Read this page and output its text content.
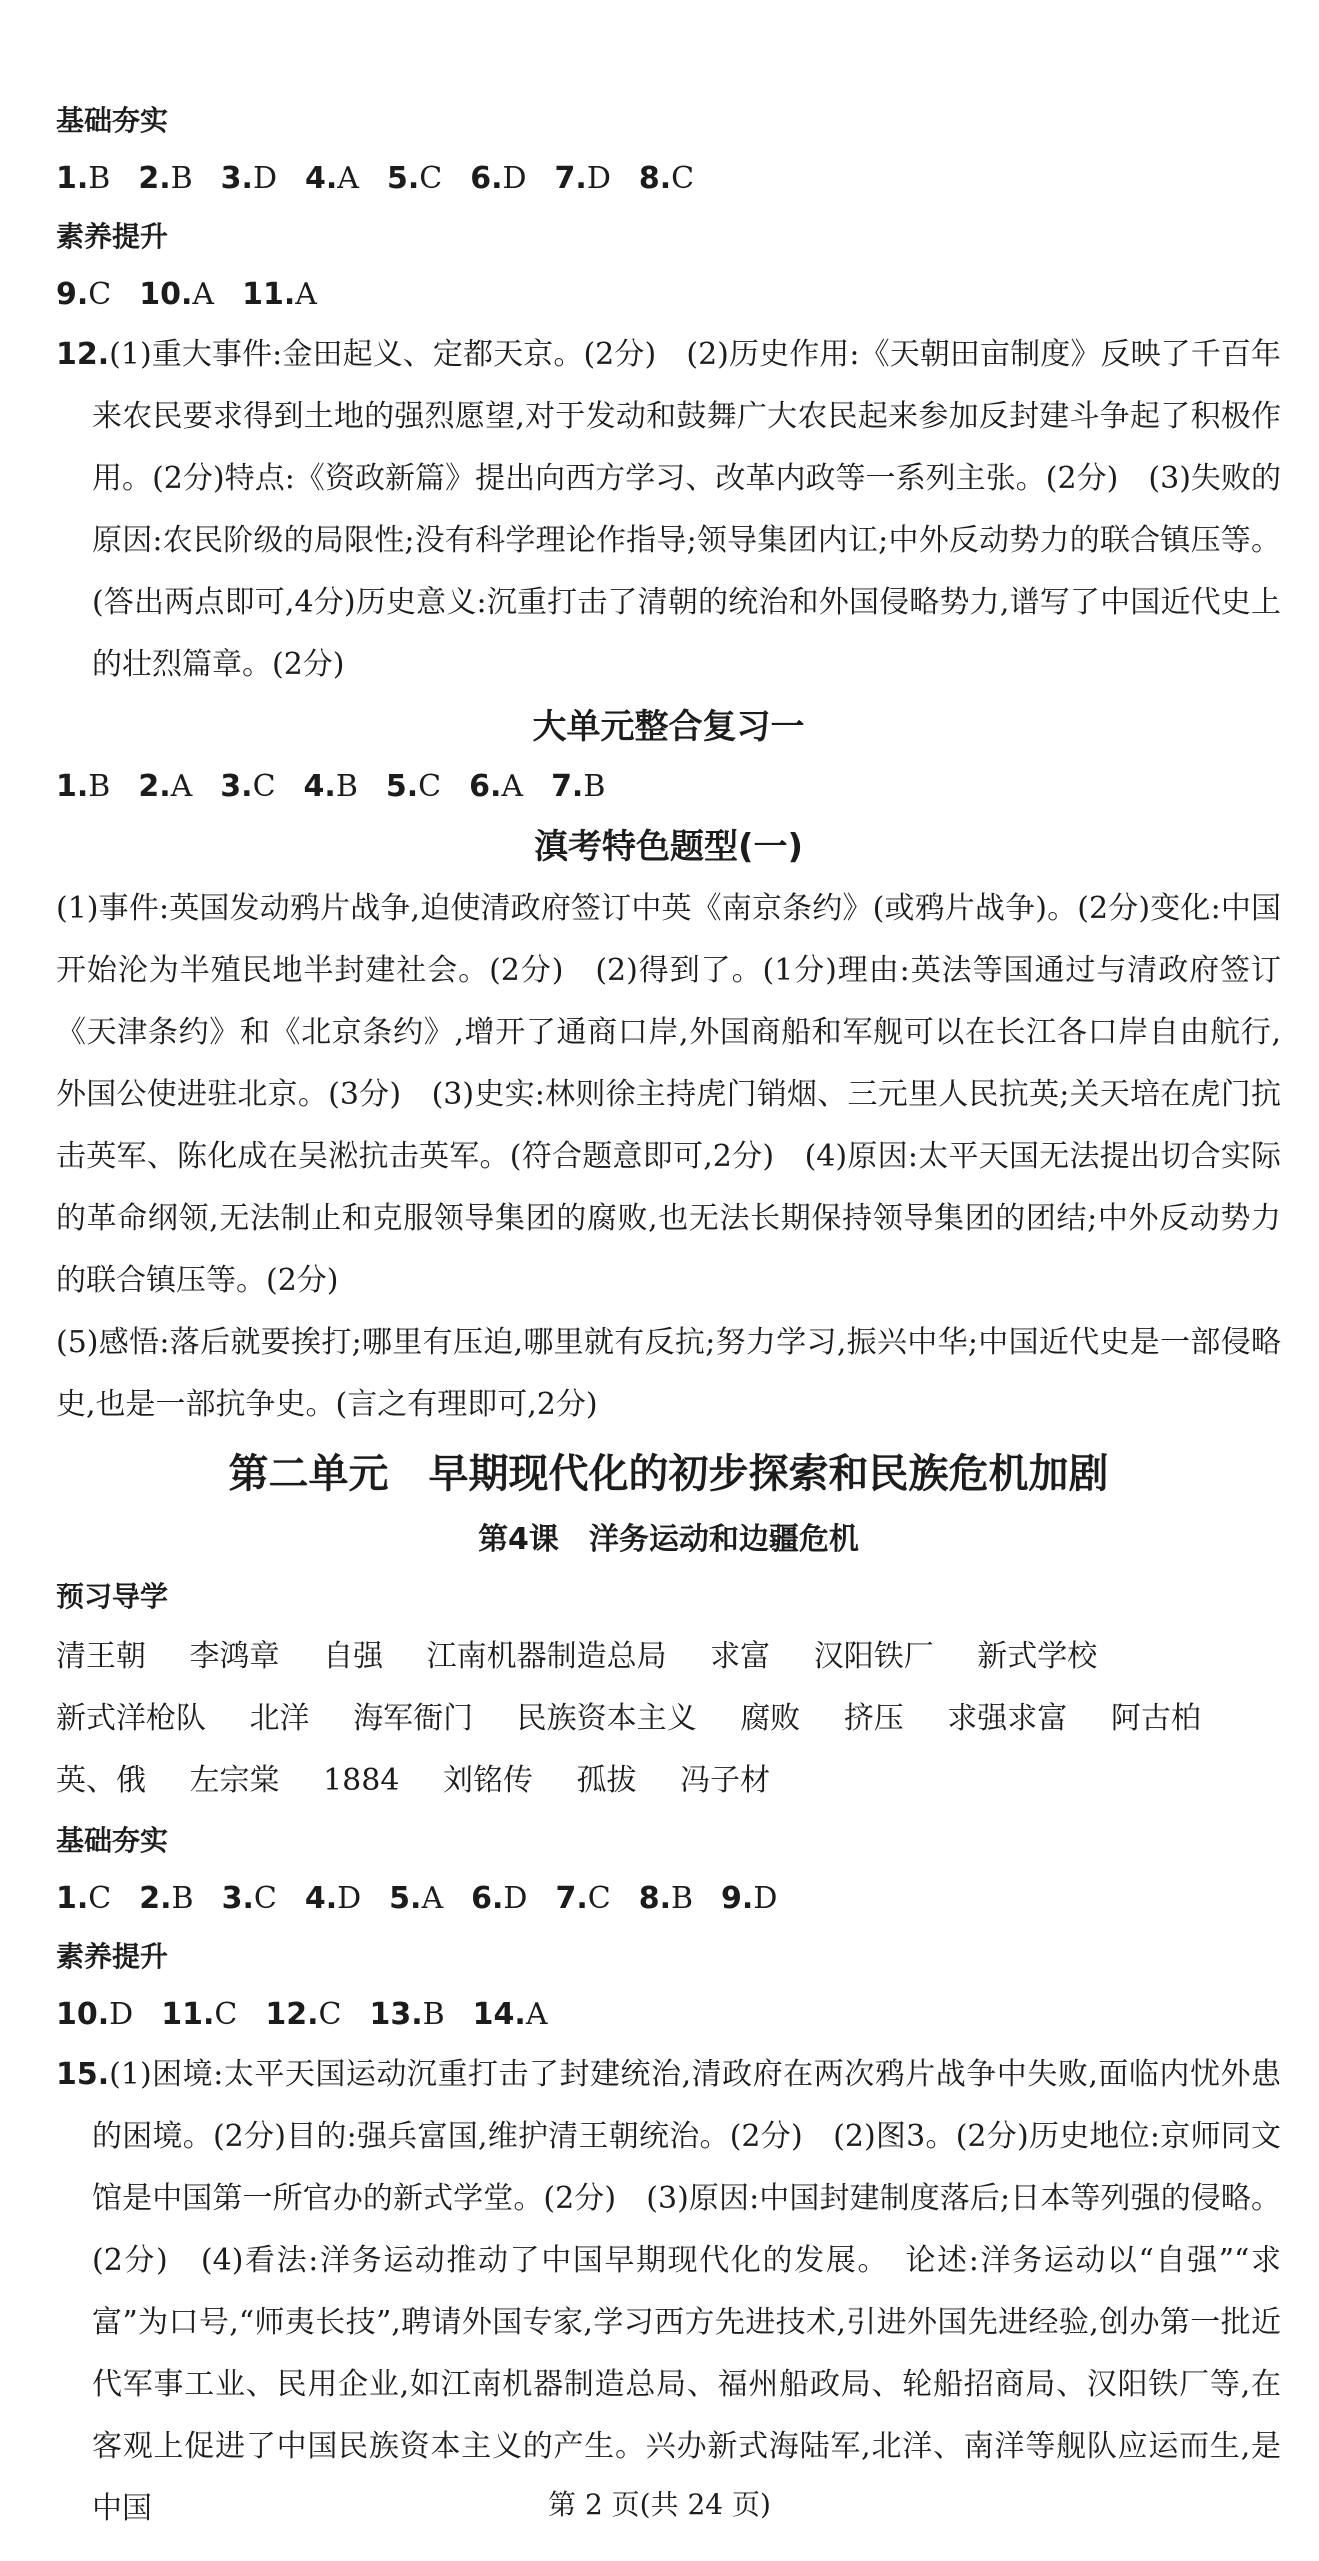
基础夯实
1.B 2.B 3.D 4.A 5.C 6.D 7.D 8.C
素养提升
9.C 10.A 11.A

12.(1)重大事件:金田起义、定都天京。(2分)　(2)历史作用:《天朝田亩制度》反映了千百年来农民要求得到土地的强烈愿望,对于发动和鼓舞广大农民起来参加反封建斗争起了积极作用。(2分)特点:《资政新篇》提出向西方学习、改革内政等一系列主张。(2分)　(3)失败的原因:农民阶级的局限性;没有科学理论作指导;领导集团内讧;中外反动势力的联合镇压等。(答出两点即可,4分)历史意义:沉重打击了清朝的统治和外国侵略势力,谱写了中国近代史上的壮烈篇章。(2分)

大单元整合复习一
1.B 2.A 3.C 4.B 5.C 6.A 7.B
滇考特色题型(一)

(1)事件:英国发动鸦片战争,迫使清政府签订中英《南京条约》(或鸦片战争)。(2分)变化:中国开始沦为半殖民地半封建社会。(2分)　(2)得到了。(1分)理由:英法等国通过与清政府签订《天津条约》和《北京条约》,增开了通商口岸,外国商船和军舰可以在长江各口岸自由航行,外国公使进驻北京。(3分)　(3)史实:林则徐主持虎门销烟、三元里人民抗英;关天培在虎门抗击英军、陈化成在吴淞抗击英军。(符合题意即可,2分)　(4)原因:太平天国无法提出切合实际的革命纲领,无法制止和克服领导集团的腐败,也无法长期保持领导集团的团结;中外反动势力的联合镇压等。(2分)

(5)感悟:落后就要挨打;哪里有压迫,哪里就有反抗;努力学习,振兴中华;中国近代史是一部侵略史,也是一部抗争史。(言之有理即可,2分)

第二单元　早期现代化的初步探索和民族危机加剧
第4课　洋务运动和边疆危机
预习导学

清王朝 李鸿章 自强 江南机器制造总局 求富 汉阳铁厂 新式学校 新式洋枪队 北洋 海军衙门 民族资本主义 腐败 挤压 求强求富 阿古柏 英、俄 左宗棠 1884 刘铭传 孤拔 冯子材

基础夯实
1.C 2.B 3.C 4.D 5.A 6.D 7.C 8.B 9.D
素养提升
10.D 11.C 12.C 13.B 14.A

15.(1)困境:太平天国运动沉重打击了封建统治,清政府在两次鸦片战争中失败,面临内忧外患的困境。(2分)目的:强兵富国,维护清王朝统治。(2分)　(2)图3。(2分)历史地位:京师同文馆是中国第一所官办的新式学堂。(2分)　(3)原因:中国封建制度落后;日本等列强的侵略。(2分)　(4)看法:洋务运动推动了中国早期现代化的发展。　论述:洋务运动以“自强”“求富”为口号,“师夷长技”,聘请外国专家,学习西方先进技术,引进外国先进经验,创办第一批近代军事工业、民用企业,如江南机器制造总局、福州船政局、轮船招商局、汉阳铁厂等,在客观上促进了中国民族资本主义的产生。兴办新式海陆军,北洋、南洋等舰队应运而生,是中国	第 2 页(共 24 页)
